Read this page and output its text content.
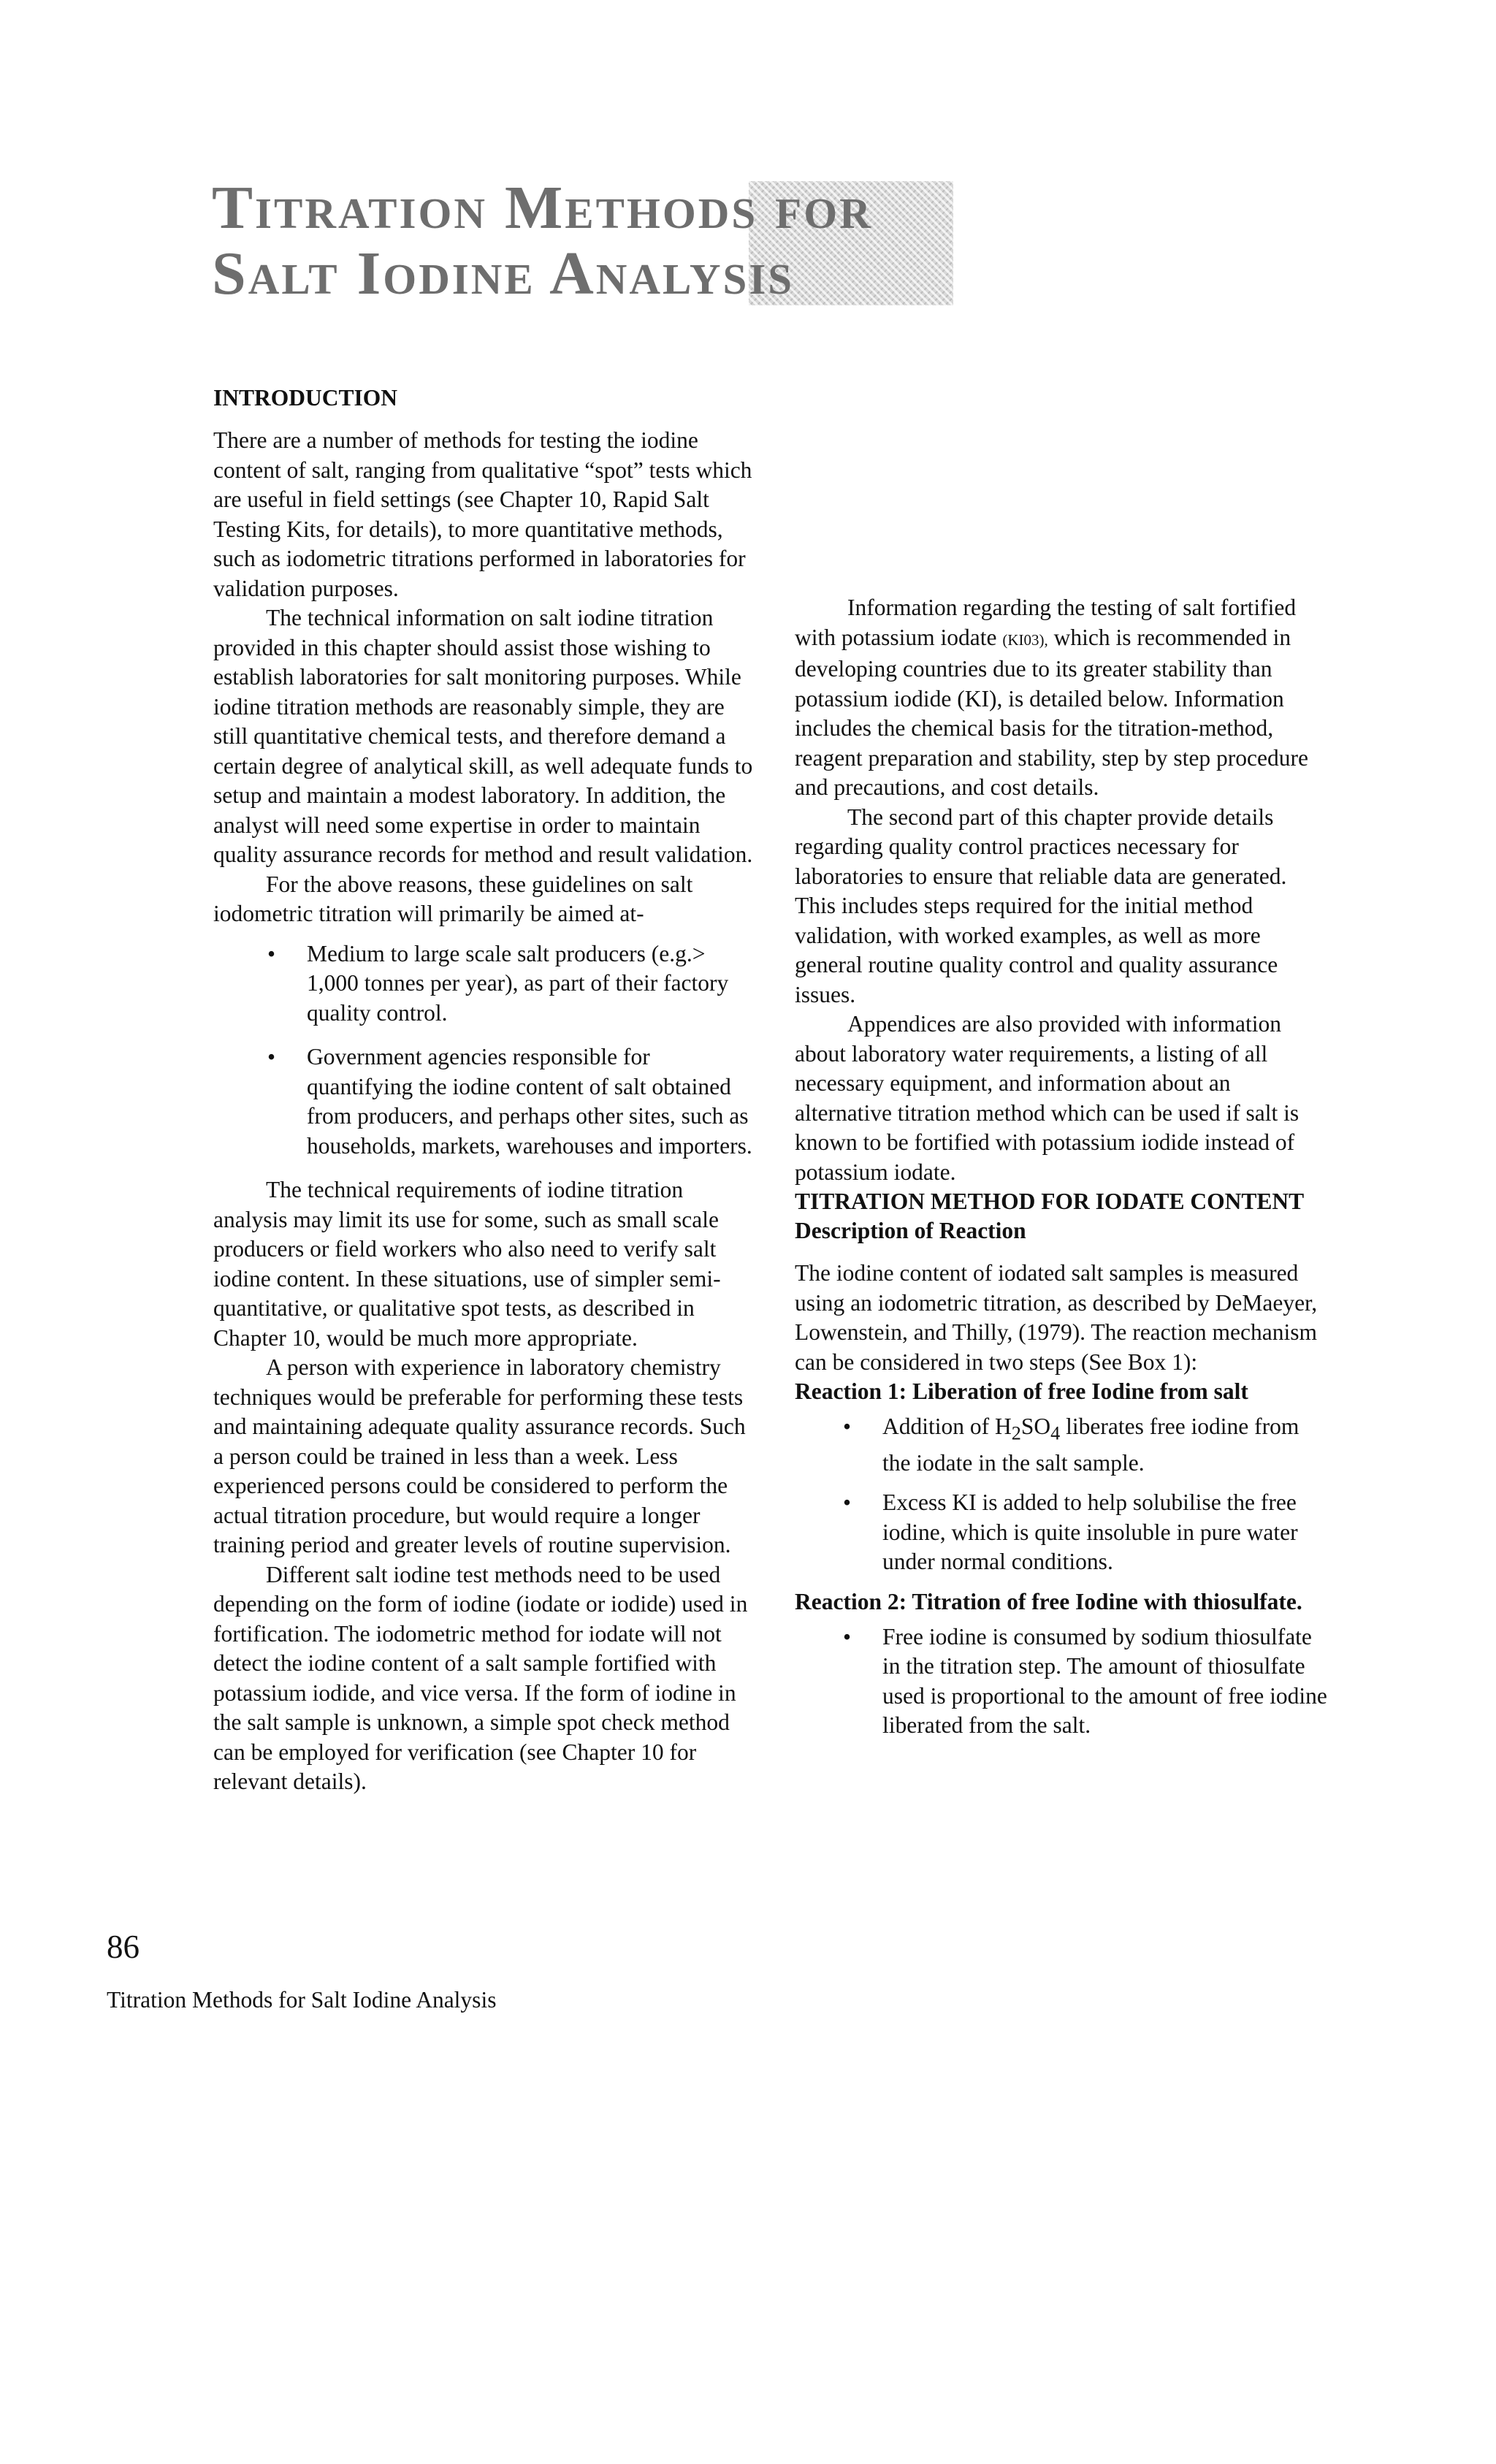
Titration Methods for
Salt Iodine Analysis
INTRODUCTION

There are a number of methods for testing the iodine content of salt, ranging from qualitative “spot” tests which are useful in field settings (see Chapter 10, Rapid Salt Testing Kits, for details), to more quantitative methods, such as iodometric titrations performed in laboratories for validation purposes.

The technical information on salt iodine titration provided in this chapter should assist those wishing to establish laboratories for salt monitoring purposes. While iodine titration methods are reasonably simple, they are still quantitative chemical tests, and therefore demand a certain degree of analytical skill, as well adequate funds to setup and maintain a modest laboratory. In addition, the analyst will need some expertise in order to maintain quality assurance records for method and result validation.

For the above reasons, these guidelines on salt iodometric titration will primarily be aimed at-

• Medium to large scale salt producers (e.g.> 1,000 tonnes per year), as part of their factory quality control.
• Government agencies responsible for quantifying the iodine content of salt obtained from producers, and perhaps other sites, such as households, markets, warehouses and importers.

The technical requirements of iodine titration analysis may limit its use for some, such as small scale producers or field workers who also need to verify salt iodine content. In these situations, use of simpler semi-quantitative, or qualitative spot tests, as described in Chapter 10, would be much more appropriate.

A person with experience in laboratory chemistry techniques would be preferable for performing these tests and maintaining adequate quality assurance records. Such a person could be trained in less than a week. Less experienced persons could be considered to perform the actual titration procedure, but would require a longer training period and greater levels of routine supervision.

Different salt iodine test methods need to be used depending on the form of iodine (iodate or iodide) used in fortification. The iodometric method for iodate will not detect the iodine content of a salt sample fortified with potassium iodide, and vice versa. If the form of iodine in the salt sample is unknown, a simple spot check method can be employed for verification (see Chapter 10 for relevant details).

Information regarding the testing of salt fortified with potassium iodate (KI03), which is recommended in developing countries due to its greater stability than potassium iodide (KI), is detailed below. Information includes the chemical basis for the titration-method, reagent preparation and stability, step by step procedure and precautions, and cost details.

The second part of this chapter provide details regarding quality control practices necessary for laboratories to ensure that reliable data are generated. This includes steps required for the initial method validation, with worked examples, as well as more general routine quality control and quality assurance issues.

Appendices are also provided with information about laboratory water requirements, a listing of all necessary equipment, and information about an alternative titration method which can be used if salt is known to be fortified with potassium iodide instead of potassium iodate.

TITRATION METHOD FOR IODATE CONTENT
Description of Reaction

The iodine content of iodated salt samples is measured using an iodometric titration, as described by DeMaeyer, Lowenstein, and Thilly, (1979). The reaction mechanism can be considered in two steps (See Box 1):

Reaction 1: Liberation of free Iodine from salt
• Addition of $H_2SO_4$ liberates free iodine from the iodate in the salt sample.
• Excess KI is added to help solubilise the free iodine, which is quite insoluble in pure water under normal conditions.
Reaction 2: Titration of free Iodine with thiosulfate.
• Free iodine is consumed by sodium thiosulfate in the titration step. The amount of thiosulfate used is proportional to the amount of free iodine liberated from the salt.
86
Titration Methods for Salt Iodine Analysis
